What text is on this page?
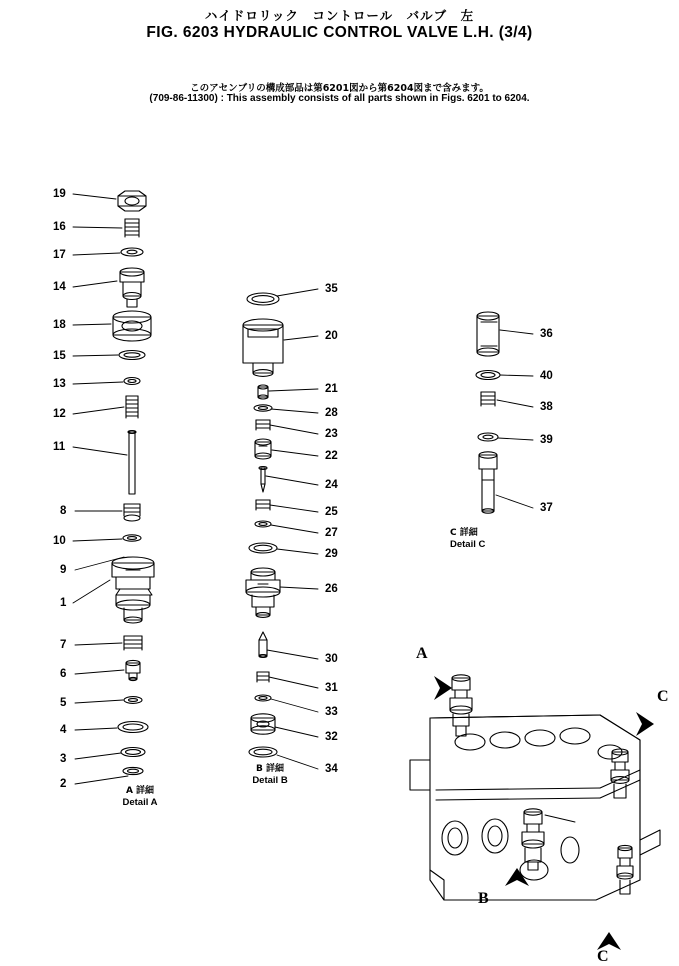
ハイドロリック　コントロール　バルブ　左
FIG. 6203 HYDRAULIC CONTROL VALVE L.H. (3/4)
このアセンブリの構成部品は第6201図から第6204図まで含みます。
(709-86-11300) : This assembly consists of all parts shown in Figs. 6201 to 6204.
19
16
17
14
18
15
13
12
11
8
10
9
1
7
6
5
4
3
2
35
20
21
28
23
22
24
25
27
29
26
30
31
33
32
34
36
40
38
39
37
A 詳細
Detail A
B 詳細
Detail B
C 詳細
Detail C
A
B
C
C
